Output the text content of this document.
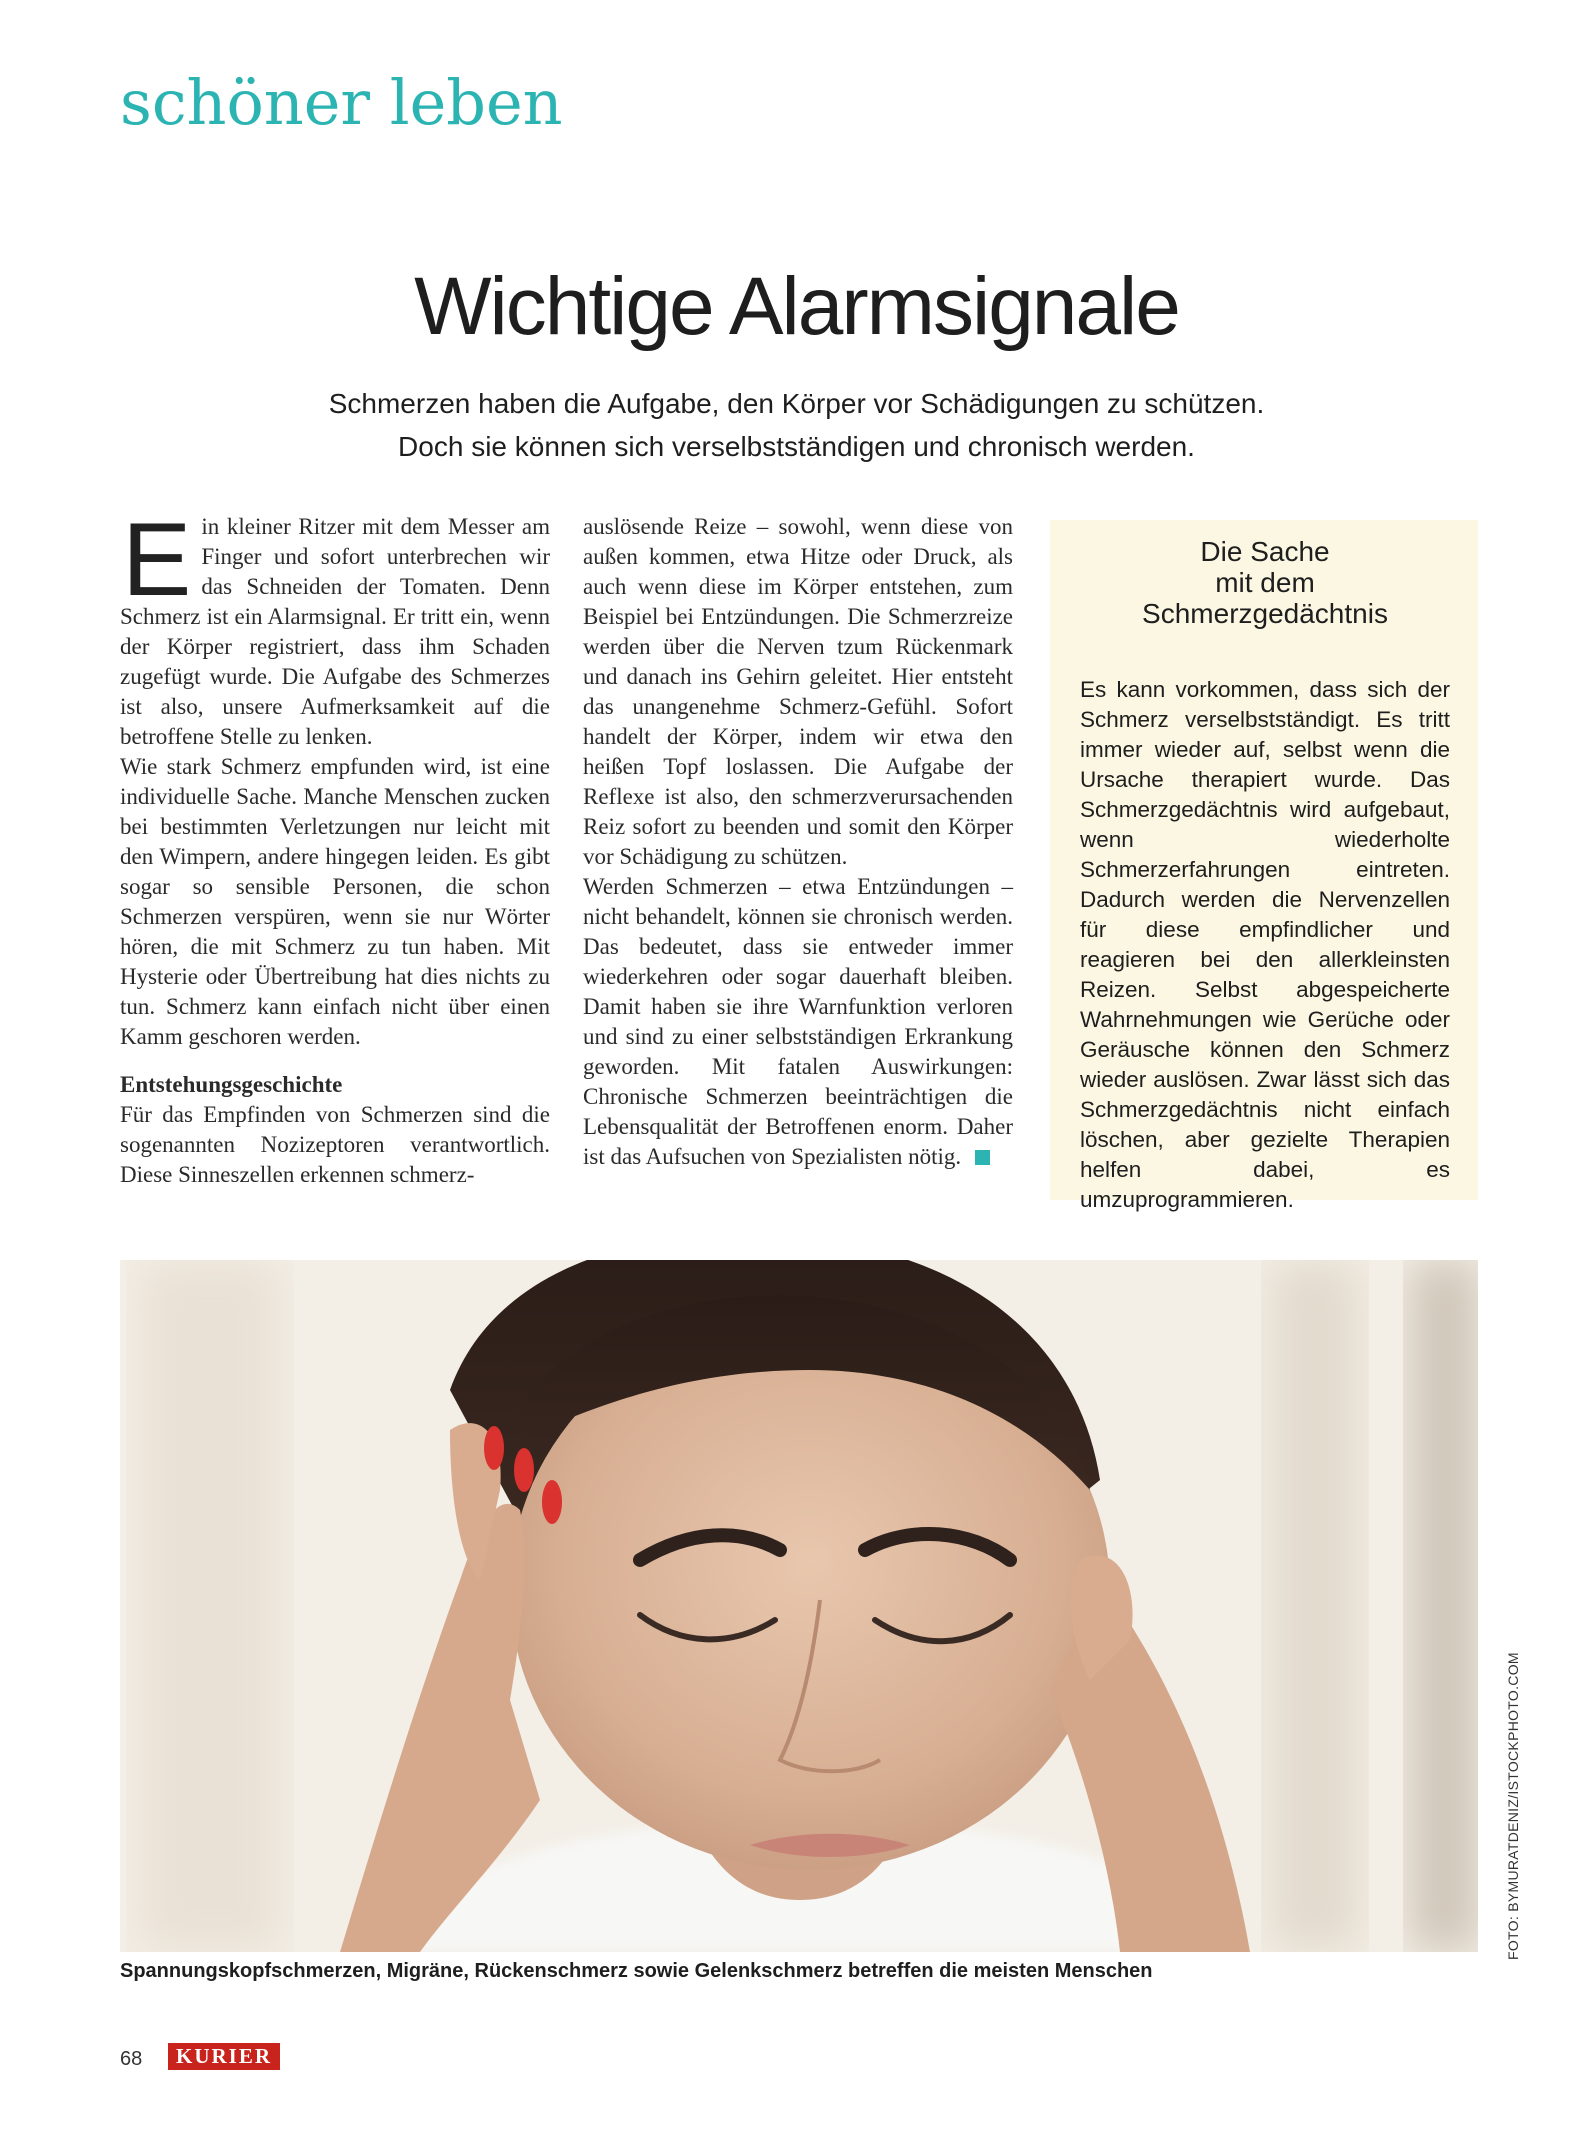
schöner leben
Wichtige Alarmsignale
Schmerzen haben die Aufgabe, den Körper vor Schädigungen zu schützen.
Doch sie können sich verselbstständigen und chronisch werden.

Ein kleiner Ritzer mit dem Messer am Finger und sofort unterbrechen wir das Schneiden der Tomaten. Denn Schmerz ist ein Alarmsignal. Er tritt ein, wenn der Körper registriert, dass ihm Schaden zugefügt wurde. Die Aufgabe des Schmerzes ist also, unsere Aufmerksamkeit auf die betroffene Stelle zu lenken.

Wie stark Schmerz empfunden wird, ist eine individuelle Sache. Manche Menschen zucken bei bestimmten Verletzungen nur leicht mit den Wimpern, andere hingegen leiden. Es gibt sogar so sensible Personen, die schon Schmerzen verspüren, wenn sie nur Wörter hören, die mit Schmerz zu tun haben. Mit Hysterie oder Übertreibung hat dies nichts zu tun. Schmerz kann einfach nicht über einen Kamm geschoren werden.

Entstehungsgeschichte

Für das Empfinden von Schmerzen sind die sogenannten Nozizeptoren verantwortlich. Diese Sinneszellen erkennen schmerz-

auslösende Reize – sowohl, wenn diese von außen kommen, etwa Hitze oder Druck, als auch wenn diese im Körper entstehen, zum Beispiel bei Entzündungen. Die Schmerzreize werden über die Nerven tzum Rückenmark und danach ins Gehirn geleitet. Hier entsteht das unangenehme Schmerz-Gefühl. Sofort handelt der Körper, indem wir etwa den heißen Topf loslassen. Die Aufgabe der Reflexe ist also, den schmerzverursachenden Reiz sofort zu beenden und somit den Körper vor Schädigung zu schützen.

Werden Schmerzen – etwa Entzündungen – nicht behandelt, können sie chronisch werden. Das bedeutet, dass sie entweder immer wiederkehren oder sogar dauerhaft bleiben. Damit haben sie ihre Warnfunktion verloren und sind zu einer selbstständigen Erkrankung geworden. Mit fatalen Auswirkungen: Chronische Schmerzen beeinträchtigen die Lebensqualität der Betroffenen enorm. Daher ist das Aufsuchen von Spezialisten nötig.

Die Sache
mit dem
Schmerzgedächtnis

Es kann vorkommen, dass sich der Schmerz verselbstständigt. Es tritt immer wieder auf, selbst wenn die Ursache therapiert wurde. Das Schmerzgedächtnis wird aufgebaut, wenn wiederholte Schmerzerfahrungen eintreten. Dadurch werden die Nervenzellen für diese empfindlicher und reagieren bei den allerkleinsten Reizen. Selbst abgespeicherte Wahrnehmungen wie Gerüche oder Geräusche können den Schmerz wieder auslösen. Zwar lässt sich das Schmerzgedächtnis nicht einfach löschen, aber gezielte Therapien helfen dabei, es umzuprogrammieren.

Spannungskopfschmerzen, Migräne, Rückenschmerz sowie Gelenkschmerz betreffen die meisten Menschen
FOTO: BYMURATDENIZ/ISTOCKPHOTO.COM
68	KURIER
